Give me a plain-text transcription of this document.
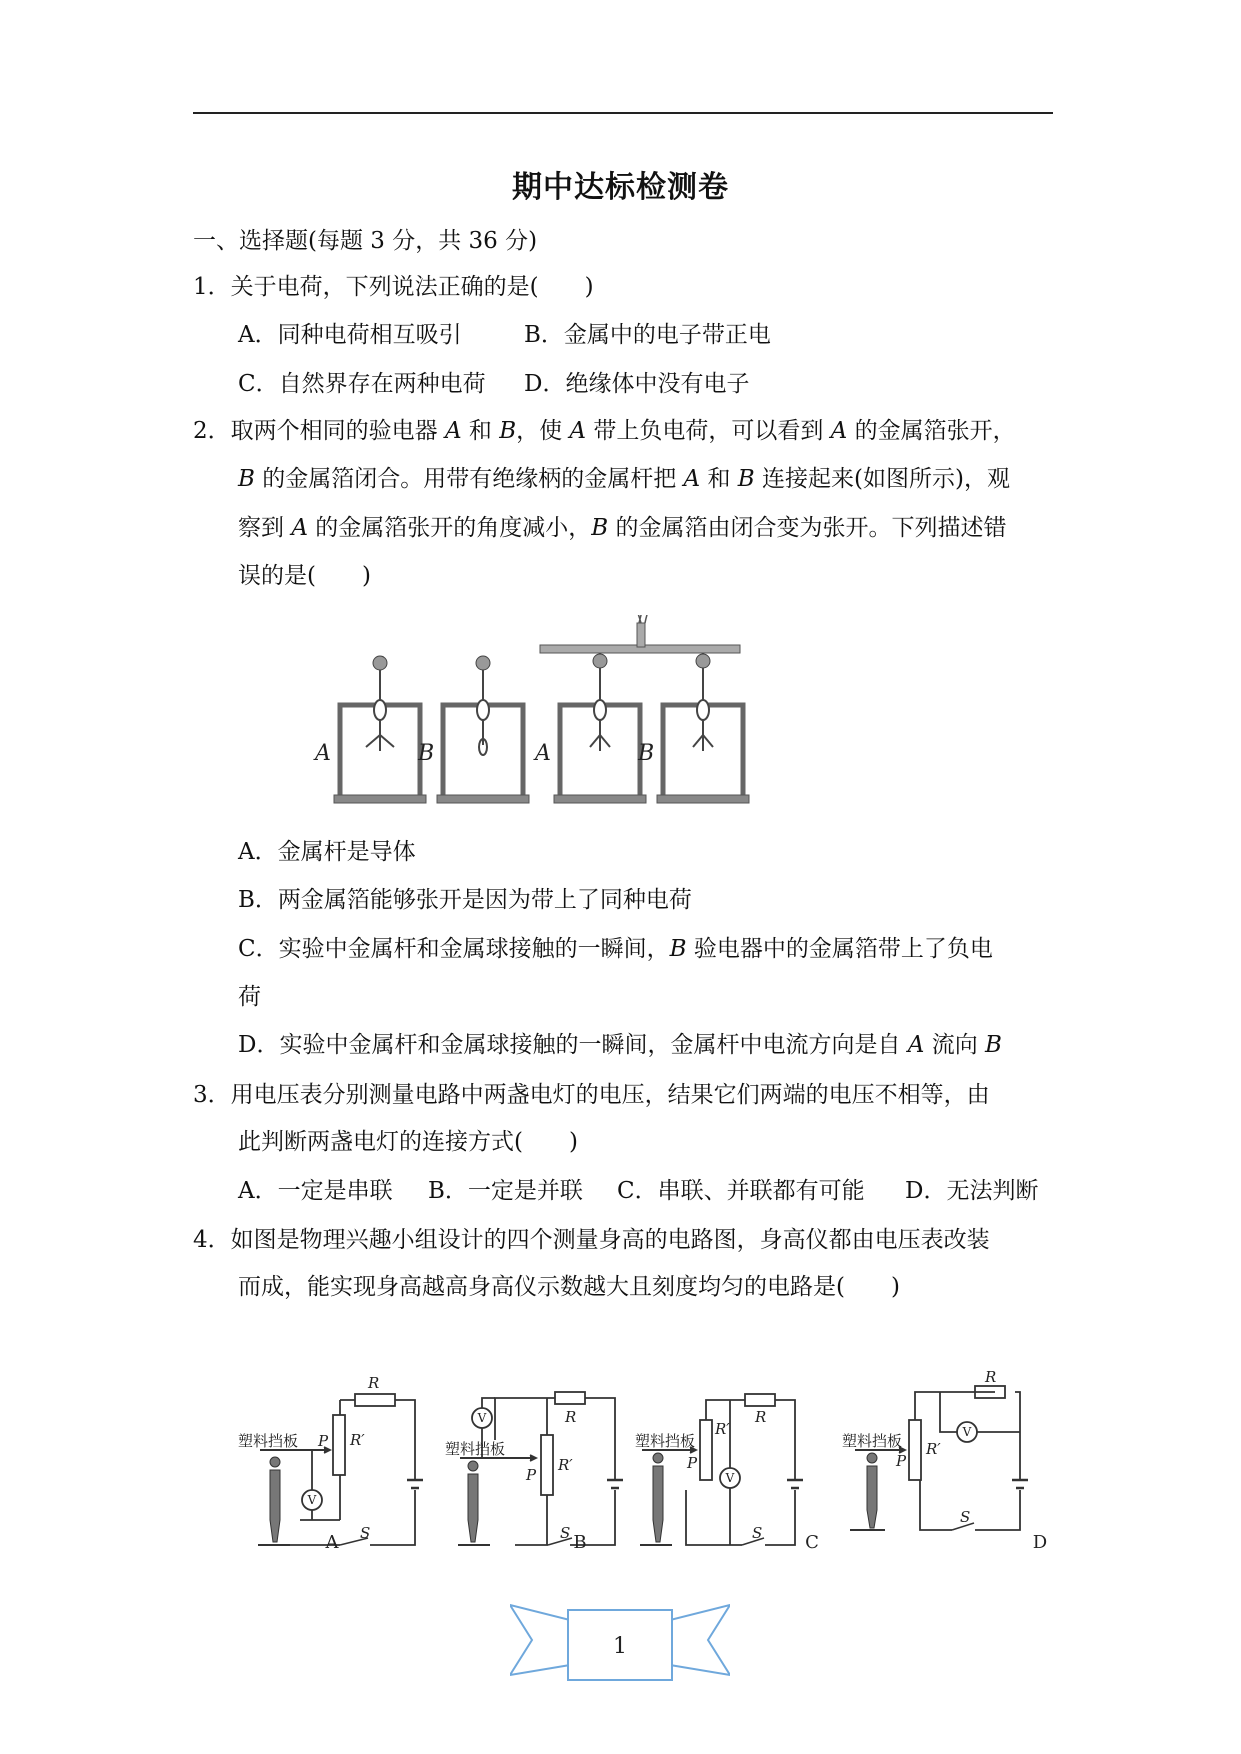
期中达标检测卷
一、选择题(每题 3 分，共 36 分)
1．关于电荷，下列说法正确的是(　　)
A．同种电荷相互吸引	B．金属中的电子带正电
C．自然界存在两种电荷 D．绝缘体中没有电子
2．取两个相同的验电器 A 和 B，使 A 带上负电荷，可以看到 A 的金属箔张开，
B 的金属箔闭合。用带有绝缘柄的金属杆把 A 和 B 连接起来(如图所示)，观
察到 A 的金属箔张开的角度减小，B 的金属箔由闭合变为张开。下列描述错
误的是(　　)
A	B	A	B
A．金属杆是导体
B．两金属箔能够张开是因为带上了同种电荷
C．实验中金属杆和金属球接触的一瞬间，B 验电器中的金属箔带上了负电
荷
D．实验中金属杆和金属球接触的一瞬间，金属杆中电流方向是自 A 流向 B
3．用电压表分别测量电路中两盏电灯的电压，结果它们两端的电压不相等，由
此判断两盏电灯的连接方式(　　)
A．一定是串联 B．一定是并联 C．串联、并联都有可能 D．无法判断
4．如图是物理兴趣小组设计的四个测量身高的电路图，身高仪都由电压表改装
而成，能实现身高越高身高仪示数越大且刻度均匀的电路是(　　)
塑料挡板	塑料挡板	塑料挡板	塑料挡板
R
R′
P
S
R
R′
P
S
R
R′
P
S
R
R′
P
S
V
V
V
V
A	B	C	D
1
